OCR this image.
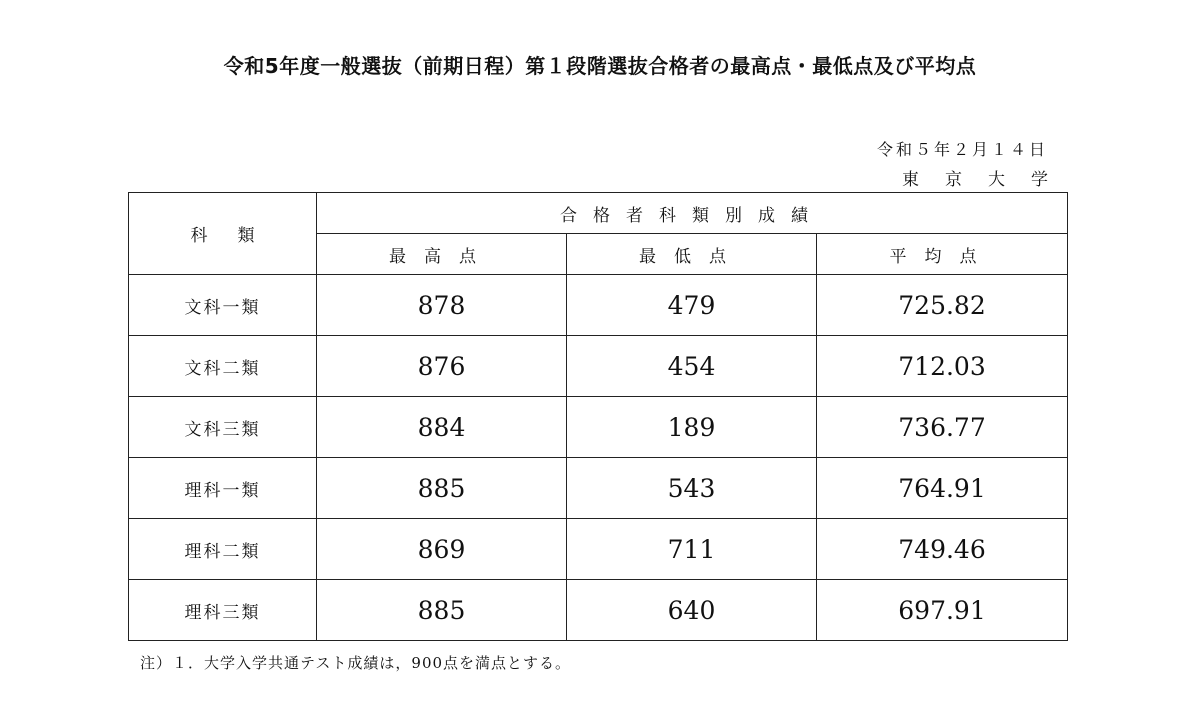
令和5年度一般選抜（前期日程）第１段階選抜合格者の最高点・最低点及び平均点
令和５年２月１４日
東京大学
科類	合格者科類別成績		
	最高点	最低点	平均点
文科一類	878	479	725.82
文科二類	876	454	712.03
文科三類	884	189	736.77
理科一類	885	543	764.91
理科二類	869	711	749.46
理科三類	885	640	697.91
注）１．大学入学共通テスト成績は，900点を満点とする。
